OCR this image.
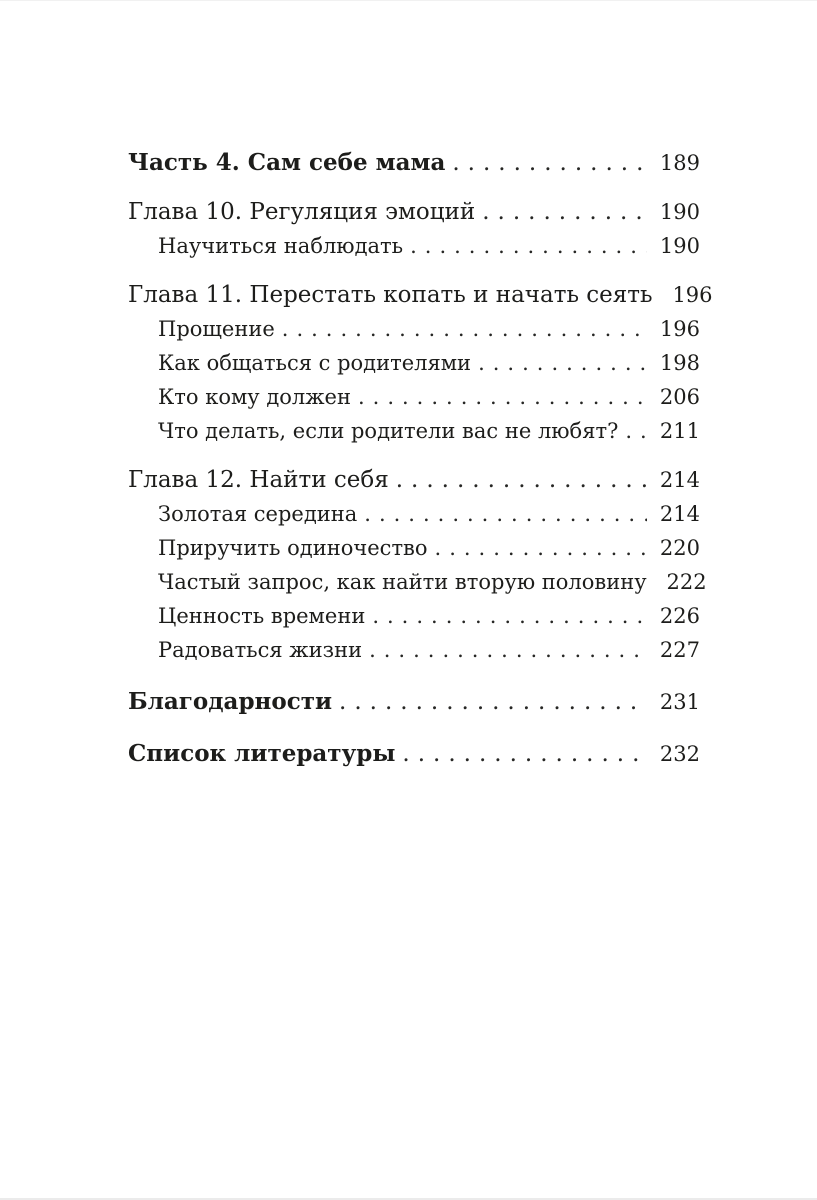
Часть 4. Сам себе мама .....	189
Глава 10. Регуляция эмоций .....	190
Научиться наблюдать .....	190
Глава 11. Перестать копать и начать сеять 196
Прощение .....	196
Как общаться с родителями .....	198
Кто кому должен .....	206
Что делать, если родители вас не любят? ..... 211
Глава 12. Найти себя .....	214
Золотая середина .....	214
Приручить одиночество .....	220
Частый запрос, как найти вторую половину 222
Ценность времени .....	226
Радоваться жизни .....	227
Благодарности .....	231
Список литературы .....	232
